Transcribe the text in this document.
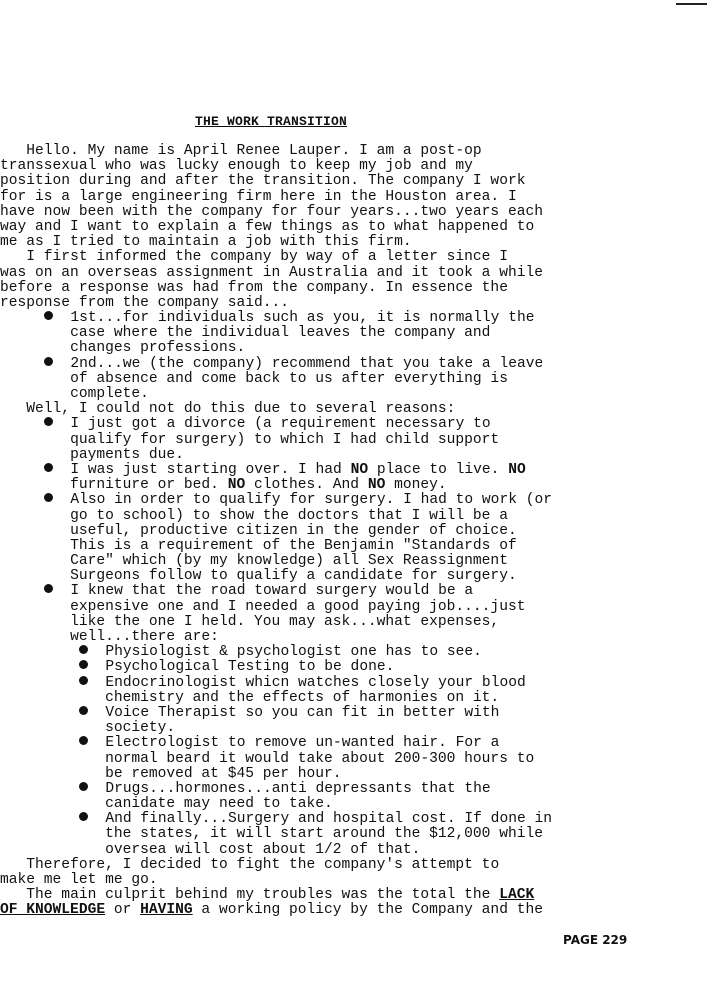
THE WORK TRANSITION
Hello. My name is April Renee Lauper. I am a post-op
transsexual who was lucky enough to keep my job and my
position during and after the transition. The company I work
for is a large engineering firm here in the Houston area. I
have now been with the company for four years...two years each
way and I want to explain a few things as to what happened to
me as I tried to maintain a job with this firm.
I first informed the company by way of a letter since I
was on an overseas assignment in Australia and it took a while
before a response was had from the company. In essence the
response from the company said...
1st...for individuals such as you, it is normally the
case where the individual leaves the company and
changes professions.
2nd...we (the company) recommend that you take a leave
of absence and come back to us after everything is
complete.
Well, I could not do this due to several reasons:
I just got a divorce (a requirement necessary to
qualify for surgery) to which I had child support
payments due.
I was just starting over. I had NO place to live. NO
furniture or bed. NO clothes. And NO money.
Also in order to qualify for surgery. I had to work (or
go to school) to show the doctors that I will be a
useful, productive citizen in the gender of choice.
This is a requirement of the Benjamin "Standards of
Care" which (by my knowledge) all Sex Reassignment
Surgeons follow to qualify a candidate for surgery.
I knew that the road toward surgery would be a
expensive one and I needed a good paying job....just
like the one I held. You may ask...what expenses,
well...there are:
Physiologist & psychologist one has to see.
Psychological Testing to be done.
Endocrinologist whicn watches closely your blood
chemistry and the effects of harmonies on it.
Voice Therapist so you can fit in better with
society.
Electrologist to remove un-wanted hair. For a
normal beard it would take about 200-300 hours to
be removed at $45 per hour.
Drugs...hormones...anti depressants that the
canidate may need to take.
And finally...Surgery and hospital cost. If done in
the states, it will start around the $12,000 while
oversea will cost about 1/2 of that.
Therefore, I decided to fight the company's attempt to
make me let me go.
The main culprit behind my troubles was the total the LACK
OF KNOWLEDGE or HAVING a working policy by the Company and the
PAGE 229
